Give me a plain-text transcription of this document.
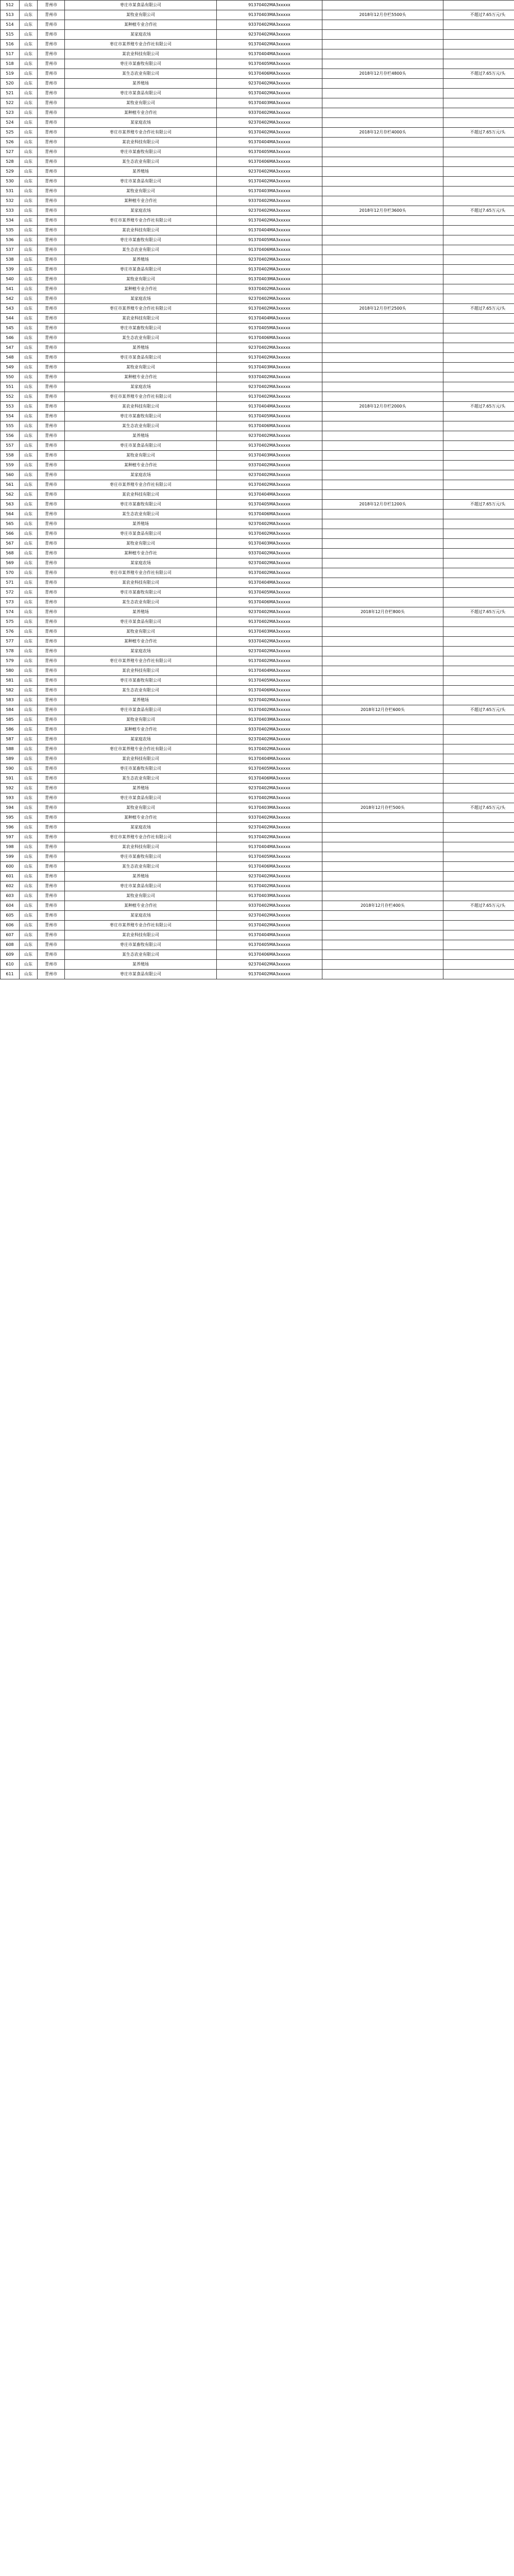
512	山东	青州市	枣庄市某食品有限公司	91370402MA3xxxxx		
513	山东	青州市	某牧业有限公司	91370403MA3xxxxx	2018年12月存栏5500头	不超过7.65万元/头
514	山东	青州市	某种植专业合作社	93370402MA3xxxxx		
515	山东	青州市	某家庭农场	92370402MA3xxxxx		
516	山东	青州市	枣庄市某养殖专业合作社有限公司	91370402MA3xxxxx		
517	山东	青州市	某农业科技有限公司	91370404MA3xxxxx		
518	山东	青州市	枣庄市某畜牧有限公司	91370405MA3xxxxx		
519	山东	青州市	某生态农业有限公司	91370406MA3xxxxx	2018年12月存栏4800头	不超过7.65万元/头
520	山东	青州市	某养殖场	92370402MA3xxxxx		
521	山东	青州市	枣庄市某食品有限公司	91370402MA3xxxxx		
522	山东	青州市	某牧业有限公司	91370403MA3xxxxx		
523	山东	青州市	某种植专业合作社	93370402MA3xxxxx		
524	山东	青州市	某家庭农场	92370402MA3xxxxx		
525	山东	青州市	枣庄市某养殖专业合作社有限公司	91370402MA3xxxxx	2018年12月存栏4000头	不超过7.65万元/头
526	山东	青州市	某农业科技有限公司	91370404MA3xxxxx		
527	山东	青州市	枣庄市某畜牧有限公司	91370405MA3xxxxx		
528	山东	青州市	某生态农业有限公司	91370406MA3xxxxx		
529	山东	青州市	某养殖场	92370402MA3xxxxx		
530	山东	青州市	枣庄市某食品有限公司	91370402MA3xxxxx		
531	山东	青州市	某牧业有限公司	91370403MA3xxxxx		
532	山东	青州市	某种植专业合作社	93370402MA3xxxxx		
533	山东	青州市	某家庭农场	92370402MA3xxxxx	2018年12月存栏3600头	不超过7.65万元/头
534	山东	青州市	枣庄市某养殖专业合作社有限公司	91370402MA3xxxxx		
535	山东	青州市	某农业科技有限公司	91370404MA3xxxxx		
536	山东	青州市	枣庄市某畜牧有限公司	91370405MA3xxxxx		
537	山东	青州市	某生态农业有限公司	91370406MA3xxxxx		
538	山东	青州市	某养殖场	92370402MA3xxxxx		
539	山东	青州市	枣庄市某食品有限公司	91370402MA3xxxxx		
540	山东	青州市	某牧业有限公司	91370403MA3xxxxx		
541	山东	青州市	某种植专业合作社	93370402MA3xxxxx		
542	山东	青州市	某家庭农场	92370402MA3xxxxx		
543	山东	青州市	枣庄市某养殖专业合作社有限公司	91370402MA3xxxxx	2018年12月存栏2500头	不超过7.65万元/头
544	山东	青州市	某农业科技有限公司	91370404MA3xxxxx		
545	山东	青州市	枣庄市某畜牧有限公司	91370405MA3xxxxx		
546	山东	青州市	某生态农业有限公司	91370406MA3xxxxx		
547	山东	青州市	某养殖场	92370402MA3xxxxx		
548	山东	青州市	枣庄市某食品有限公司	91370402MA3xxxxx		
549	山东	青州市	某牧业有限公司	91370403MA3xxxxx		
550	山东	青州市	某种植专业合作社	93370402MA3xxxxx		
551	山东	青州市	某家庭农场	92370402MA3xxxxx		
552	山东	青州市	枣庄市某养殖专业合作社有限公司	91370402MA3xxxxx		
553	山东	青州市	某农业科技有限公司	91370404MA3xxxxx	2018年12月存栏2000头	不超过7.65万元/头
554	山东	青州市	枣庄市某畜牧有限公司	91370405MA3xxxxx		
555	山东	青州市	某生态农业有限公司	91370406MA3xxxxx		
556	山东	青州市	某养殖场	92370402MA3xxxxx		
557	山东	青州市	枣庄市某食品有限公司	91370402MA3xxxxx		
558	山东	青州市	某牧业有限公司	91370403MA3xxxxx		
559	山东	青州市	某种植专业合作社	93370402MA3xxxxx		
560	山东	青州市	某家庭农场	92370402MA3xxxxx		
561	山东	青州市	枣庄市某养殖专业合作社有限公司	91370402MA3xxxxx		
562	山东	青州市	某农业科技有限公司	91370404MA3xxxxx		
563	山东	青州市	枣庄市某畜牧有限公司	91370405MA3xxxxx	2018年12月存栏1200头	不超过7.65万元/头
564	山东	青州市	某生态农业有限公司	91370406MA3xxxxx		
565	山东	青州市	某养殖场	92370402MA3xxxxx		
566	山东	青州市	枣庄市某食品有限公司	91370402MA3xxxxx		
567	山东	青州市	某牧业有限公司	91370403MA3xxxxx		
568	山东	青州市	某种植专业合作社	93370402MA3xxxxx		
569	山东	青州市	某家庭农场	92370402MA3xxxxx		
570	山东	青州市	枣庄市某养殖专业合作社有限公司	91370402MA3xxxxx		
571	山东	青州市	某农业科技有限公司	91370404MA3xxxxx		
572	山东	青州市	枣庄市某畜牧有限公司	91370405MA3xxxxx		
573	山东	青州市	某生态农业有限公司	91370406MA3xxxxx		
574	山东	青州市	某养殖场	92370402MA3xxxxx	2018年12月存栏800头	不超过7.65万元/头
575	山东	青州市	枣庄市某食品有限公司	91370402MA3xxxxx		
576	山东	青州市	某牧业有限公司	91370403MA3xxxxx		
577	山东	青州市	某种植专业合作社	93370402MA3xxxxx		
578	山东	青州市	某家庭农场	92370402MA3xxxxx		
579	山东	青州市	枣庄市某养殖专业合作社有限公司	91370402MA3xxxxx		
580	山东	青州市	某农业科技有限公司	91370404MA3xxxxx		
581	山东	青州市	枣庄市某畜牧有限公司	91370405MA3xxxxx		
582	山东	青州市	某生态农业有限公司	91370406MA3xxxxx		
583	山东	青州市	某养殖场	92370402MA3xxxxx		
584	山东	青州市	枣庄市某食品有限公司	91370402MA3xxxxx	2018年12月存栏600头	不超过7.65万元/头
585	山东	青州市	某牧业有限公司	91370403MA3xxxxx		
586	山东	青州市	某种植专业合作社	93370402MA3xxxxx		
587	山东	青州市	某家庭农场	92370402MA3xxxxx		
588	山东	青州市	枣庄市某养殖专业合作社有限公司	91370402MA3xxxxx		
589	山东	青州市	某农业科技有限公司	91370404MA3xxxxx		
590	山东	青州市	枣庄市某畜牧有限公司	91370405MA3xxxxx		
591	山东	青州市	某生态农业有限公司	91370406MA3xxxxx		
592	山东	青州市	某养殖场	92370402MA3xxxxx		
593	山东	青州市	枣庄市某食品有限公司	91370402MA3xxxxx		
594	山东	青州市	某牧业有限公司	91370403MA3xxxxx	2018年12月存栏500头	不超过7.65万元/头
595	山东	青州市	某种植专业合作社	93370402MA3xxxxx		
596	山东	青州市	某家庭农场	92370402MA3xxxxx		
597	山东	青州市	枣庄市某养殖专业合作社有限公司	91370402MA3xxxxx		
598	山东	青州市	某农业科技有限公司	91370404MA3xxxxx		
599	山东	青州市	枣庄市某畜牧有限公司	91370405MA3xxxxx		
600	山东	青州市	某生态农业有限公司	91370406MA3xxxxx		
601	山东	青州市	某养殖场	92370402MA3xxxxx		
602	山东	青州市	枣庄市某食品有限公司	91370402MA3xxxxx		
603	山东	青州市	某牧业有限公司	91370403MA3xxxxx		
604	山东	青州市	某种植专业合作社	93370402MA3xxxxx	2018年12月存栏400头	不超过7.65万元/头
605	山东	青州市	某家庭农场	92370402MA3xxxxx		
606	山东	青州市	枣庄市某养殖专业合作社有限公司	91370402MA3xxxxx		
607	山东	青州市	某农业科技有限公司	91370404MA3xxxxx		
608	山东	青州市	枣庄市某畜牧有限公司	91370405MA3xxxxx		
609	山东	青州市	某生态农业有限公司	91370406MA3xxxxx		
610	山东	青州市	某养殖场	92370402MA3xxxxx		
611	山东	青州市	枣庄市某食品有限公司	91370402MA3xxxxx		
